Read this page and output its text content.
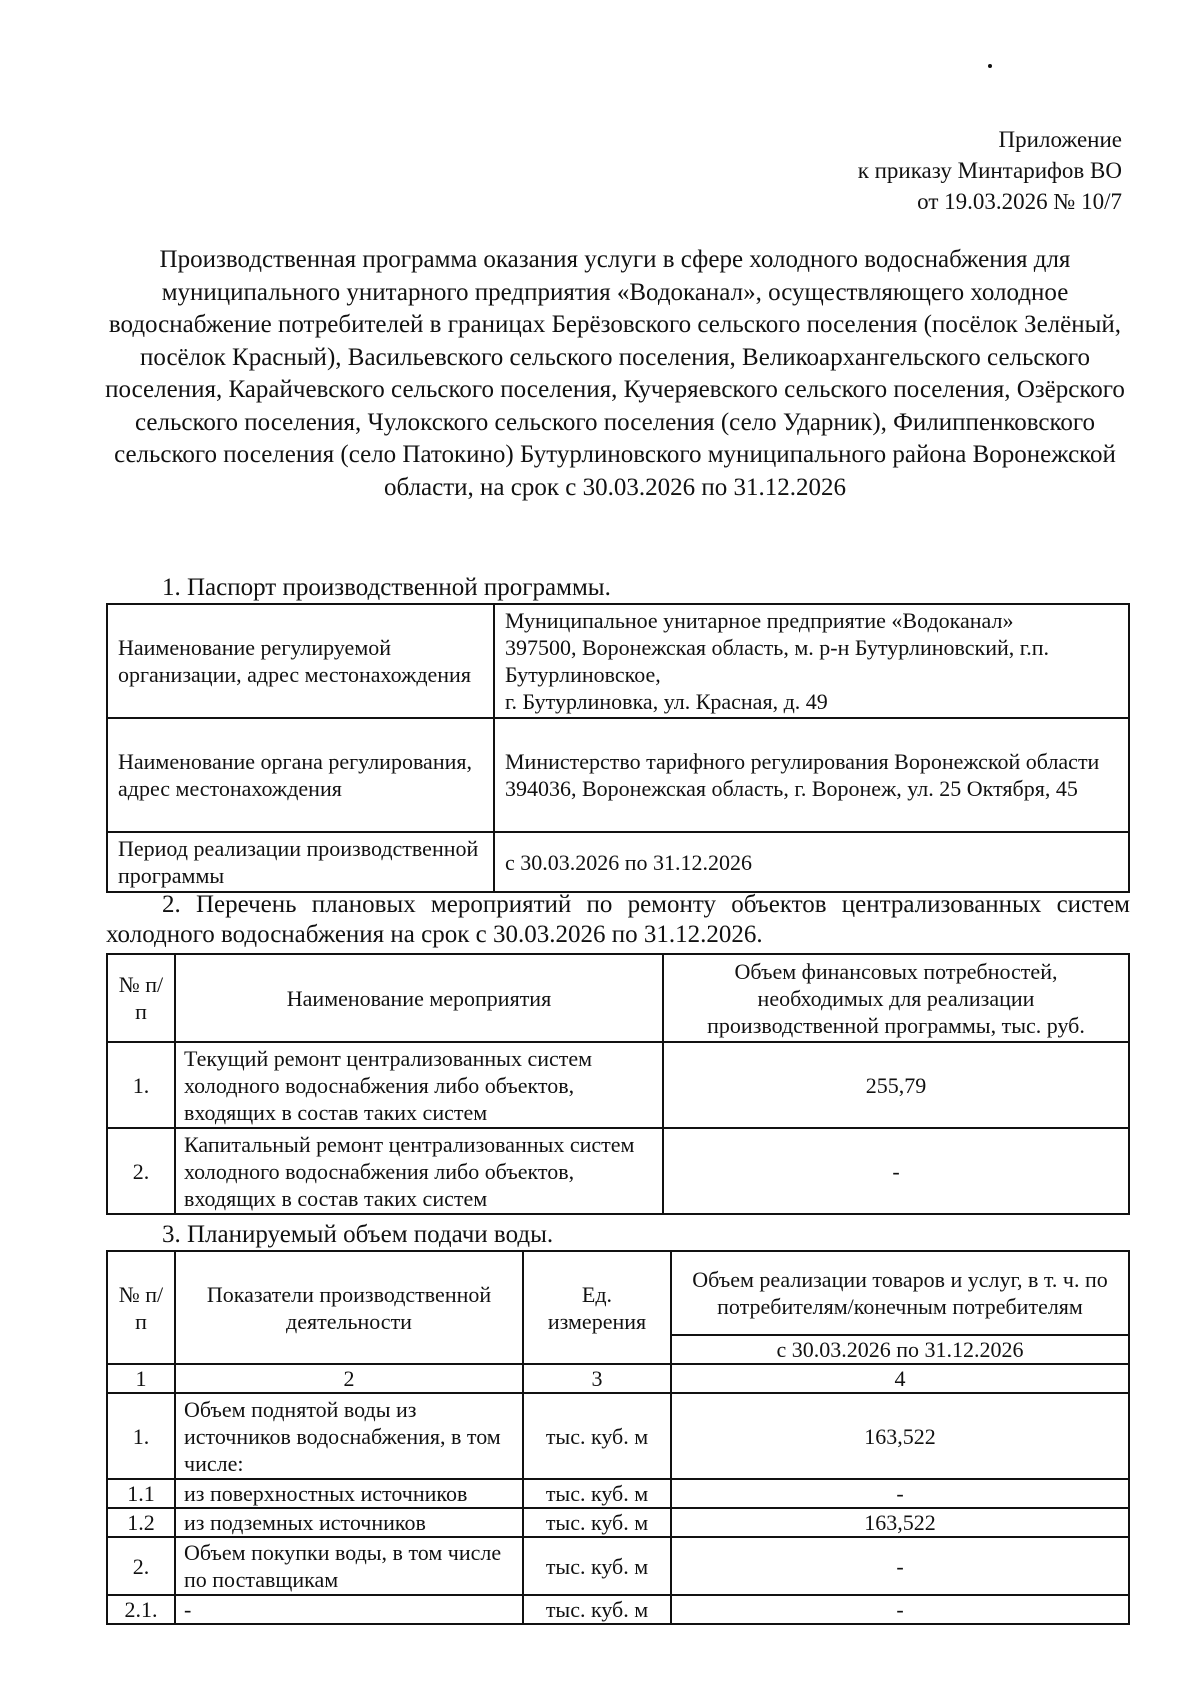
Приложение
к приказу Минтарифов ВО
от 19.03.2026 № 10/7
Производственная программа оказания услуги в сфере холодного водоснабжения для муниципального унитарного предприятия «Водоканал», осуществляющего холодное водоснабжение потребителей в границах Берёзовского сельского поселения (посёлок Зелёный, посёлок Красный), Васильевского сельского поселения, Великоархангельского сельского поселения, Карайчевского сельского поселения, Кучеряевского сельского поселения, Озёрского сельского поселения, Чулокского сельского поселения (село Ударник), Филиппенковского сельского поселения (село Патокино) Бутурлиновского муниципального района Воронежской области, на срок с 30.03.2026 по 31.12.2026
1. Паспорт производственной программы.
Наименование регулируемой организации, адрес местонахождения	Муниципальное унитарное предприятие «Водоканал»
397500, Воронежская область, м. р-н Бутурлиновский, г.п. Бутурлиновское,
г. Бутурлиновка, ул. Красная, д. 49
Наименование органа регулирования, адрес местонахождения	Министерство тарифного регулирования Воронежской области
394036, Воронежская область, г. Воронеж, ул. 25 Октября, 45
Период реализации производственной программы	с 30.03.2026 по 31.12.2026
2. Перечень плановых мероприятий по ремонту объектов централизованных систем холодного водоснабжения на срок с 30.03.2026 по 31.12.2026.
№ п/п	Наименование мероприятия	Объем финансовых потребностей, необходимых для реализации производственной программы, тыс. руб.
1.	Текущий ремонт централизованных систем холодного водоснабжения либо объектов, входящих в состав таких систем	255,79
2.	Капитальный ремонт централизованных систем холодного водоснабжения либо объектов, входящих в состав таких систем	-
3. Планируемый объем подачи воды.
№ п/п	Показатели производственной деятельности	Ед. измерения	Объем реализации товаров и услуг, в т. ч. по потребителям/конечным потребителям
			с 30.03.2026 по 31.12.2026
1	2	3	4
1.	Объем поднятой воды из источников водоснабжения, в том числе:	тыс. куб. м	163,522
1.1	из поверхностных источников	тыс. куб. м	-
1.2	из подземных источников	тыс. куб. м	163,522
2.	Объем покупки воды, в том числе по поставщикам	тыс. куб. м	-
2.1.	-	тыс. куб. м	-
